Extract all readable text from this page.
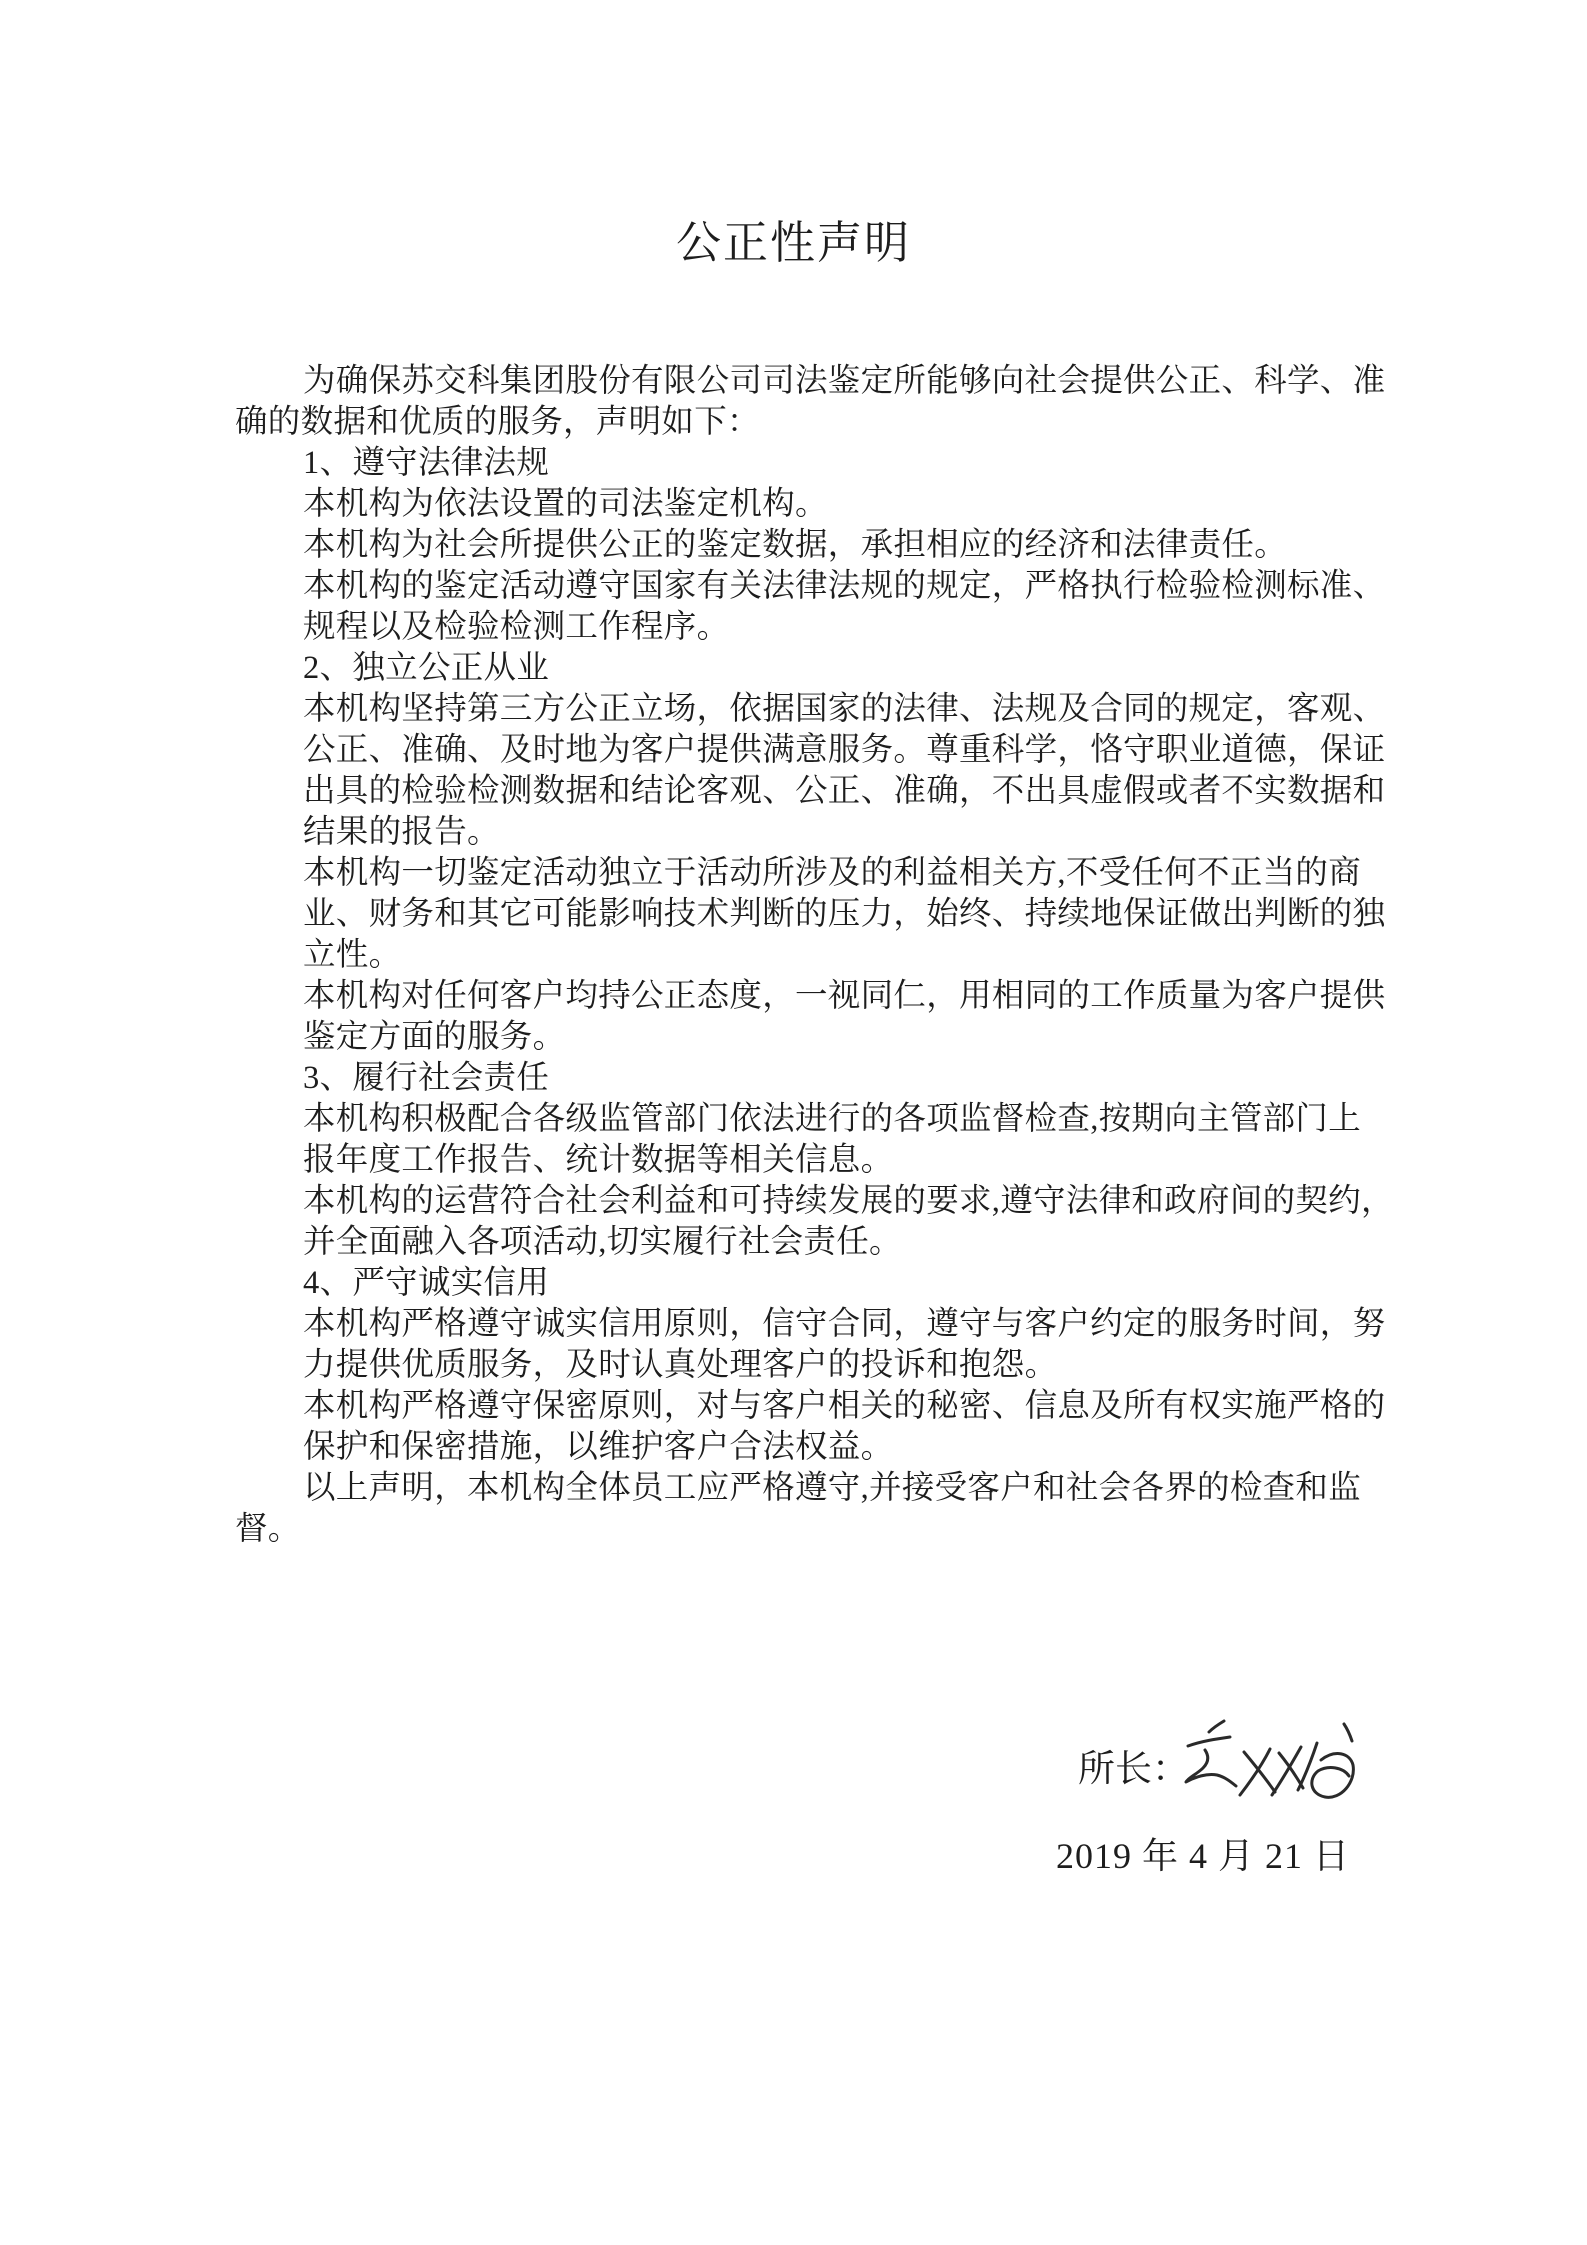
公正性声明
为确保苏交科集团股份有限公司司法鉴定所能够向社会提供公正、科学、准
确的数据和优质的服务，声明如下：
1、遵守法律法规
本机构为依法设置的司法鉴定机构。
本机构为社会所提供公正的鉴定数据，承担相应的经济和法律责任。
本机构的鉴定活动遵守国家有关法律法规的规定，严格执行检验检测标准、
规程以及检验检测工作程序。
2、独立公正从业
本机构坚持第三方公正立场，依据国家的法律、法规及合同的规定，客观、
公正、准确、及时地为客户提供满意服务。尊重科学，恪守职业道德，保证
出具的检验检测数据和结论客观、公正、准确，不出具虚假或者不实数据和
结果的报告。
本机构一切鉴定活动独立于活动所涉及的利益相关方,不受任何不正当的商
业、财务和其它可能影响技术判断的压力，始终、持续地保证做出判断的独
立性。
本机构对任何客户均持公正态度，一视同仁，用相同的工作质量为客户提供
鉴定方面的服务。
3、履行社会责任
本机构积极配合各级监管部门依法进行的各项监督检查,按期向主管部门上
报年度工作报告、统计数据等相关信息。
本机构的运营符合社会利益和可持续发展的要求,遵守法律和政府间的契约，
并全面融入各项活动,切实履行社会责任。
4、严守诚实信用
本机构严格遵守诚实信用原则，信守合同，遵守与客户约定的服务时间，努
力提供优质服务，及时认真处理客户的投诉和抱怨。
本机构严格遵守保密原则，对与客户相关的秘密、信息及所有权实施严格的
保护和保密措施，以维护客户合法权益。
以上声明，本机构全体员工应严格遵守,并接受客户和社会各界的检查和监
督。
所长：
2019 年 4 月 21 日
